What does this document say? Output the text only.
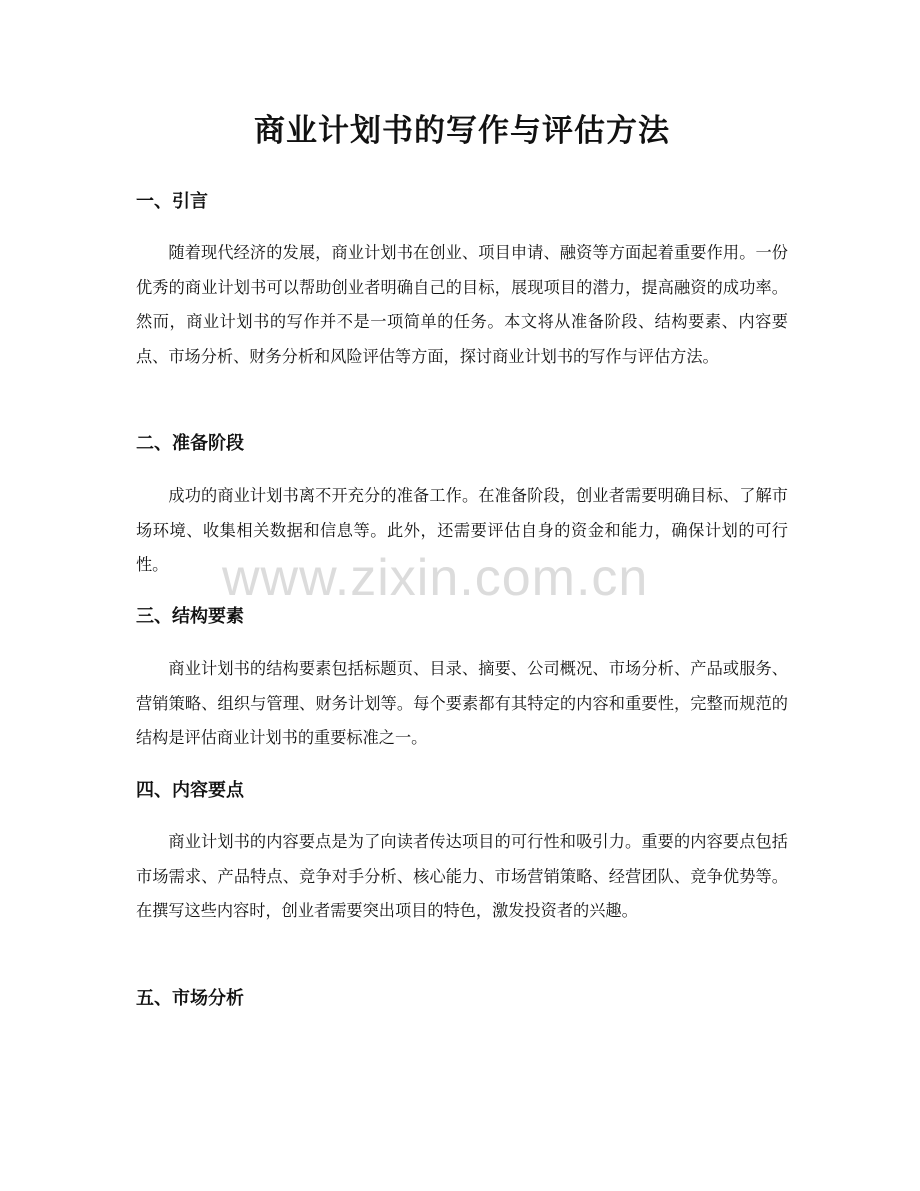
商业计划书的写作与评估方法
一、引言

随着现代经济的发展，商业计划书在创业、项目申请、融资等方面起着重要作用。一份优秀的商业计划书可以帮助创业者明确自己的目标，展现项目的潜力，提高融资的成功率。然而，商业计划书的写作并不是一项简单的任务。本文将从准备阶段、结构要素、内容要点、市场分析、财务分析和风险评估等方面，探讨商业计划书的写作与评估方法。

二、准备阶段

成功的商业计划书离不开充分的准备工作。在准备阶段，创业者需要明确目标、了解市场环境、收集相关数据和信息等。此外，还需要评估自身的资金和能力，确保计划的可行性。

三、结构要素

商业计划书的结构要素包括标题页、目录、摘要、公司概况、市场分析、产品或服务、营销策略、组织与管理、财务计划等。每个要素都有其特定的内容和重要性，完整而规范的结构是评估商业计划书的重要标准之一。

四、内容要点

商业计划书的内容要点是为了向读者传达项目的可行性和吸引力。重要的内容要点包括市场需求、产品特点、竞争对手分析、核心能力、市场营销策略、经营团队、竞争优势等。在撰写这些内容时，创业者需要突出项目的特色，激发投资者的兴趣。

五、市场分析
www.zixin.com.cn
